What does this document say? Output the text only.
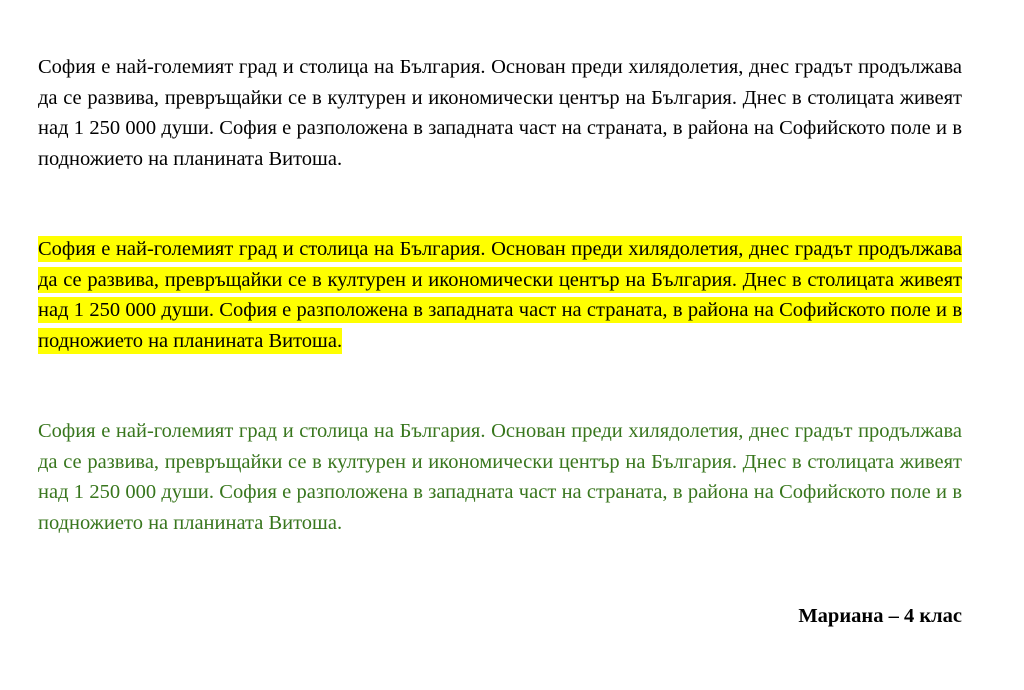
София е най-големият град и столица на България. Основан преди хилядолетия, днес градът продължава да се развива, превръщайки се в културен и икономически център на България. Днес в столицата живеят над 1 250 000 души. София е разположена в западната част на страната, в района на Софийското поле и в подножието на планината Витоша.

София е най-големият град и столица на България. Основан преди хилядолетия, днес градът продължава да се развива, превръщайки се в културен и икономически център на България. Днес в столицата живеят над 1 250 000 души. София е разположена в западната част на страната, в района на Софийското поле и в подножието на планината Витоша.

София е най-големият град и столица на България. Основан преди хилядолетия, днес градът продължава да се развива, превръщайки се в културен и икономически център на България. Днес в столицата живеят над 1 250 000 души. София е разположена в западната част на страната, в района на Софийското поле и в подножието на планината Витоша.

Мариана – 4 клас
